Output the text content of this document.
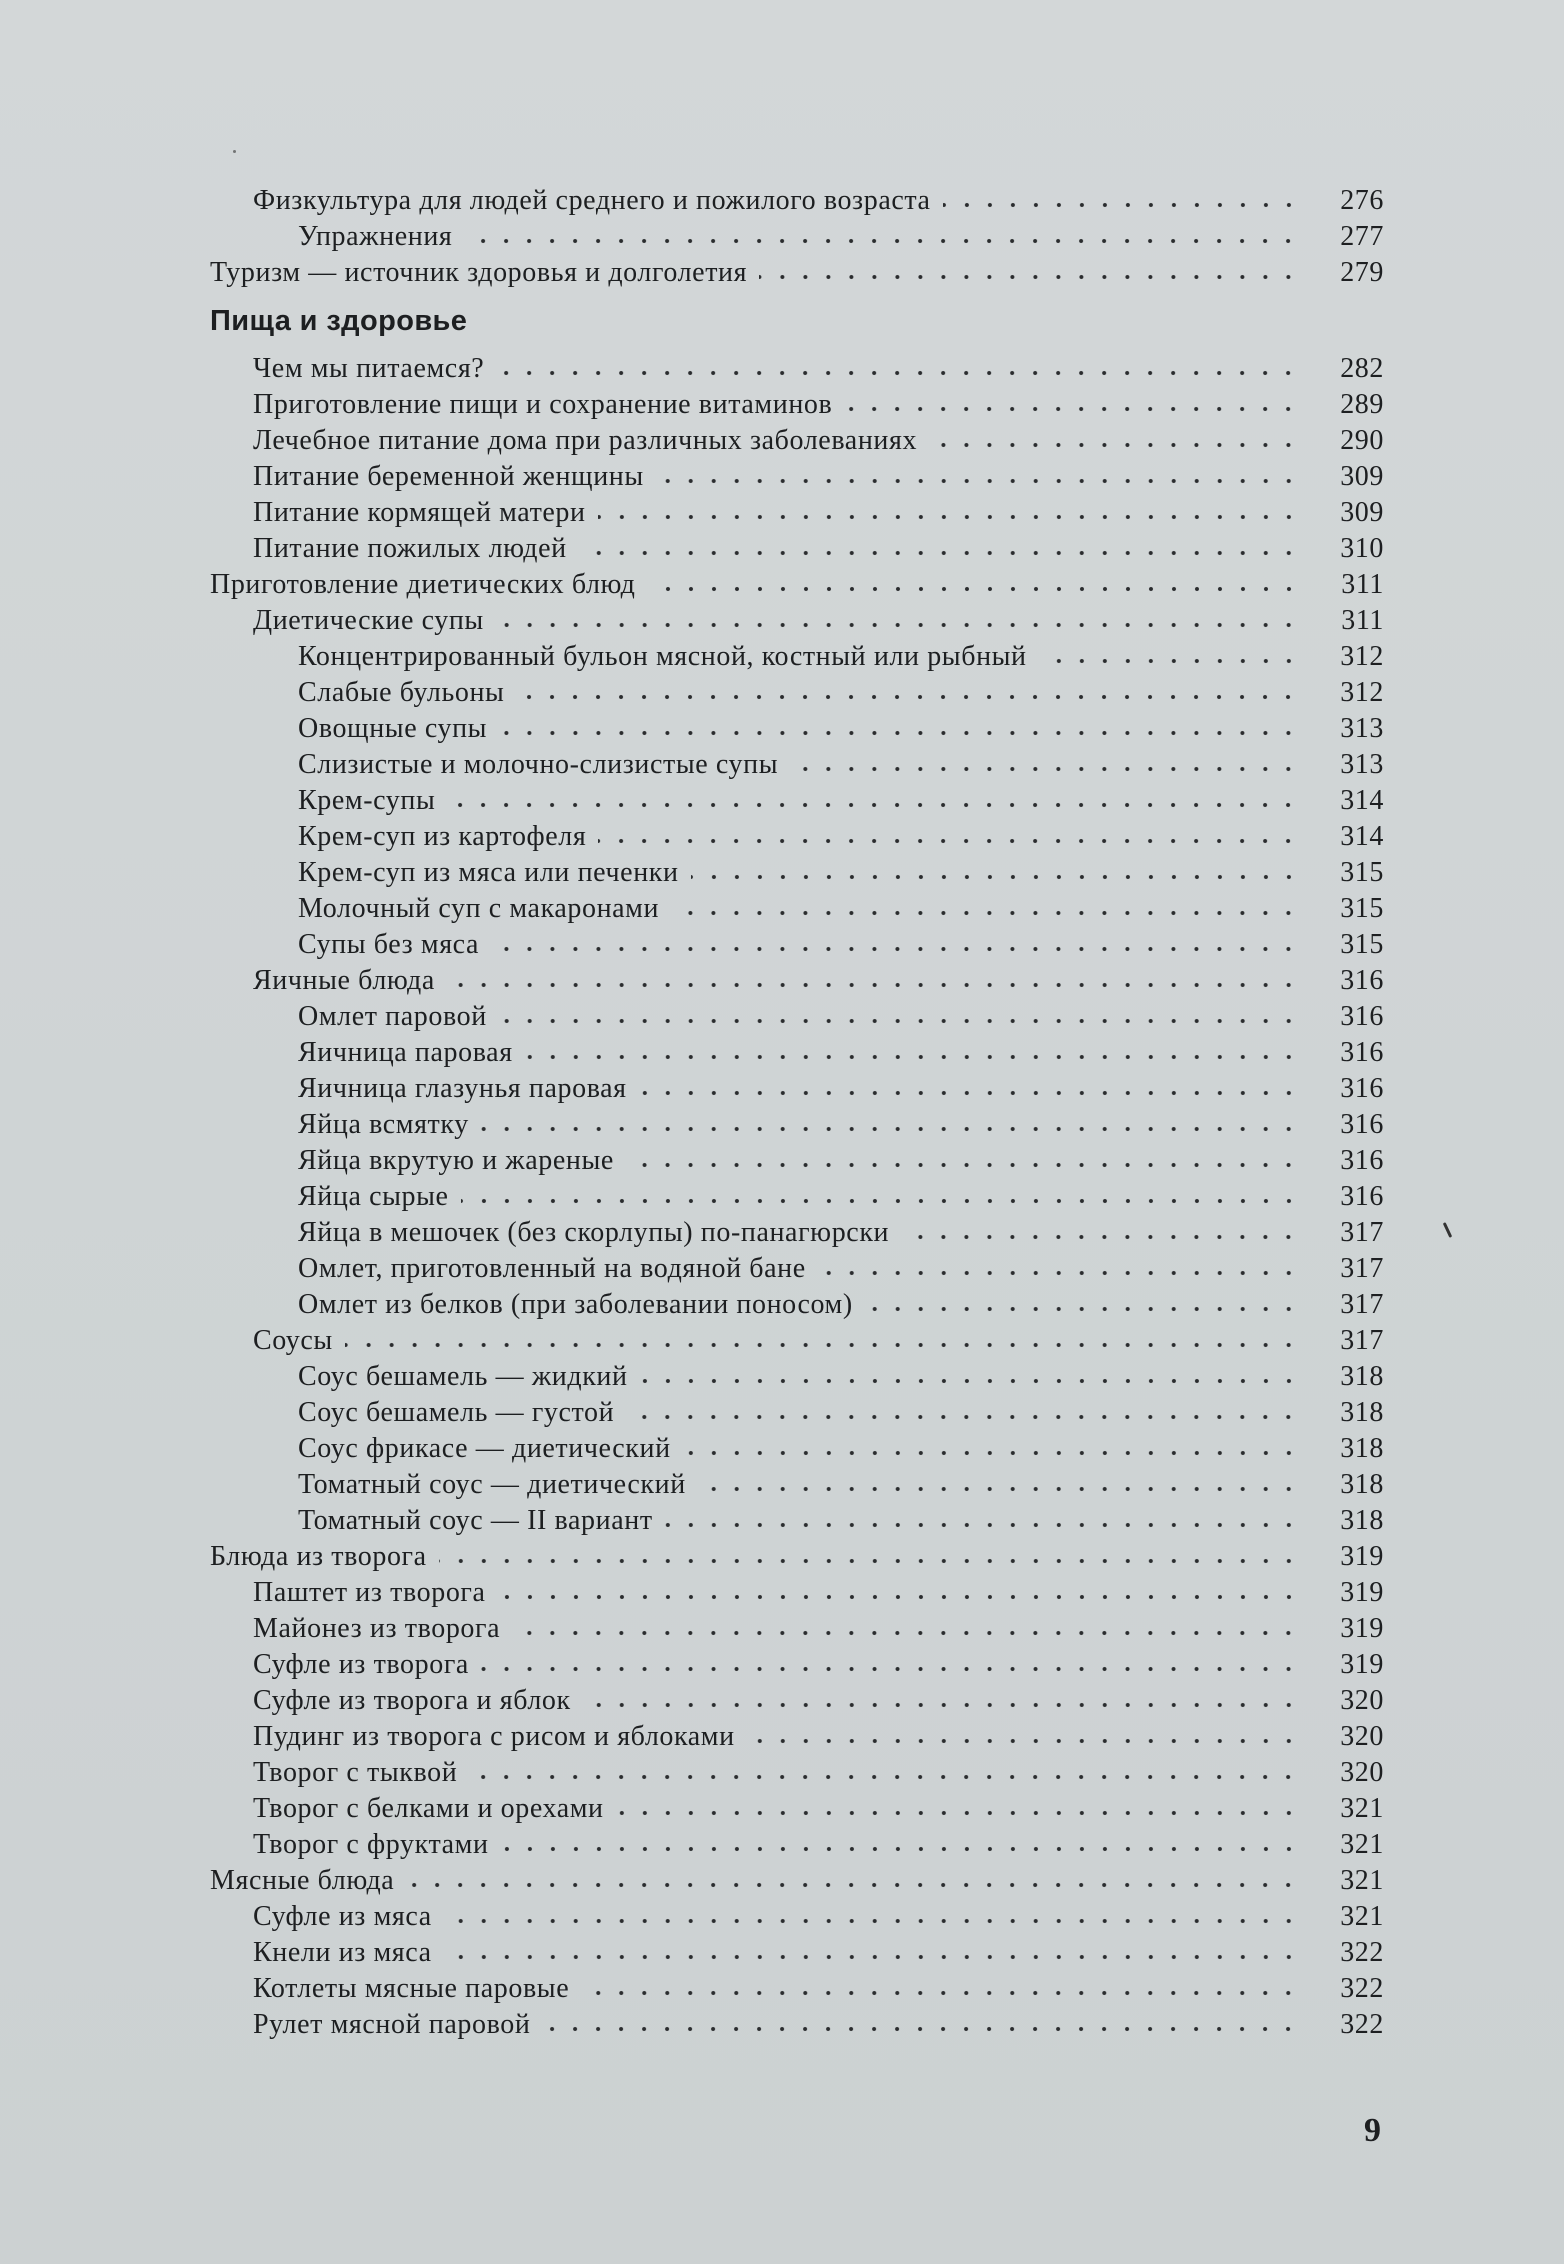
Физкультура для людей среднего и пожилого возраста	276
Упражнения	277
Туризм — источник здоровья и долголетия	279
Пища и здоровье
Чем мы питаемся?	282
Приготовление пищи и сохранение витаминов	289
Лечебное питание дома при различных заболеваниях	290
Питание беременной женщины	309
Питание кормящей матери	309
Питание пожилых людей	310
Приготовление диетических блюд	311
Диетические супы	311
Концентрированный бульон мясной, костный или рыбный	312
Слабые бульоны	312
Овощные супы	313
Слизистые и молочно-слизистые супы	313
Крем-супы	314
Крем-суп из картофеля	314
Крем-суп из мяса или печенки	315
Молочный суп с макаронами	315
Супы без мяса	315
Яичные блюда	316
Омлет паровой	316
Яичница паровая	316
Яичница глазунья паровая	316
Яйца всмятку	316
Яйца вкрутую и жареные	316
Яйца сырые	316
Яйца в мешочек (без скорлупы) по-панагюрски	317
Омлет, приготовленный на водяной бане	317
Омлет из белков (при заболевании поносом)	317
Соусы	317
Соус бешамель — жидкий	318
Соус бешамель — густой	318
Соус фрикасе — диетический	318
Томатный соус — диетический	318
Томатный соус — II вариант	318
Блюда из творога	319
Паштет из творога	319
Майонез из творога	319
Суфле из творога	319
Суфле из творога и яблок	320
Пудинг из творога с рисом и яблоками	320
Творог с тыквой	320
Творог с белками и орехами	321
Творог с фруктами	321
Мясные блюда	321
Суфле из мяса	321
Кнели из мяса	322
Котлеты мясные паровые	322
Рулет мясной паровой	322
9
